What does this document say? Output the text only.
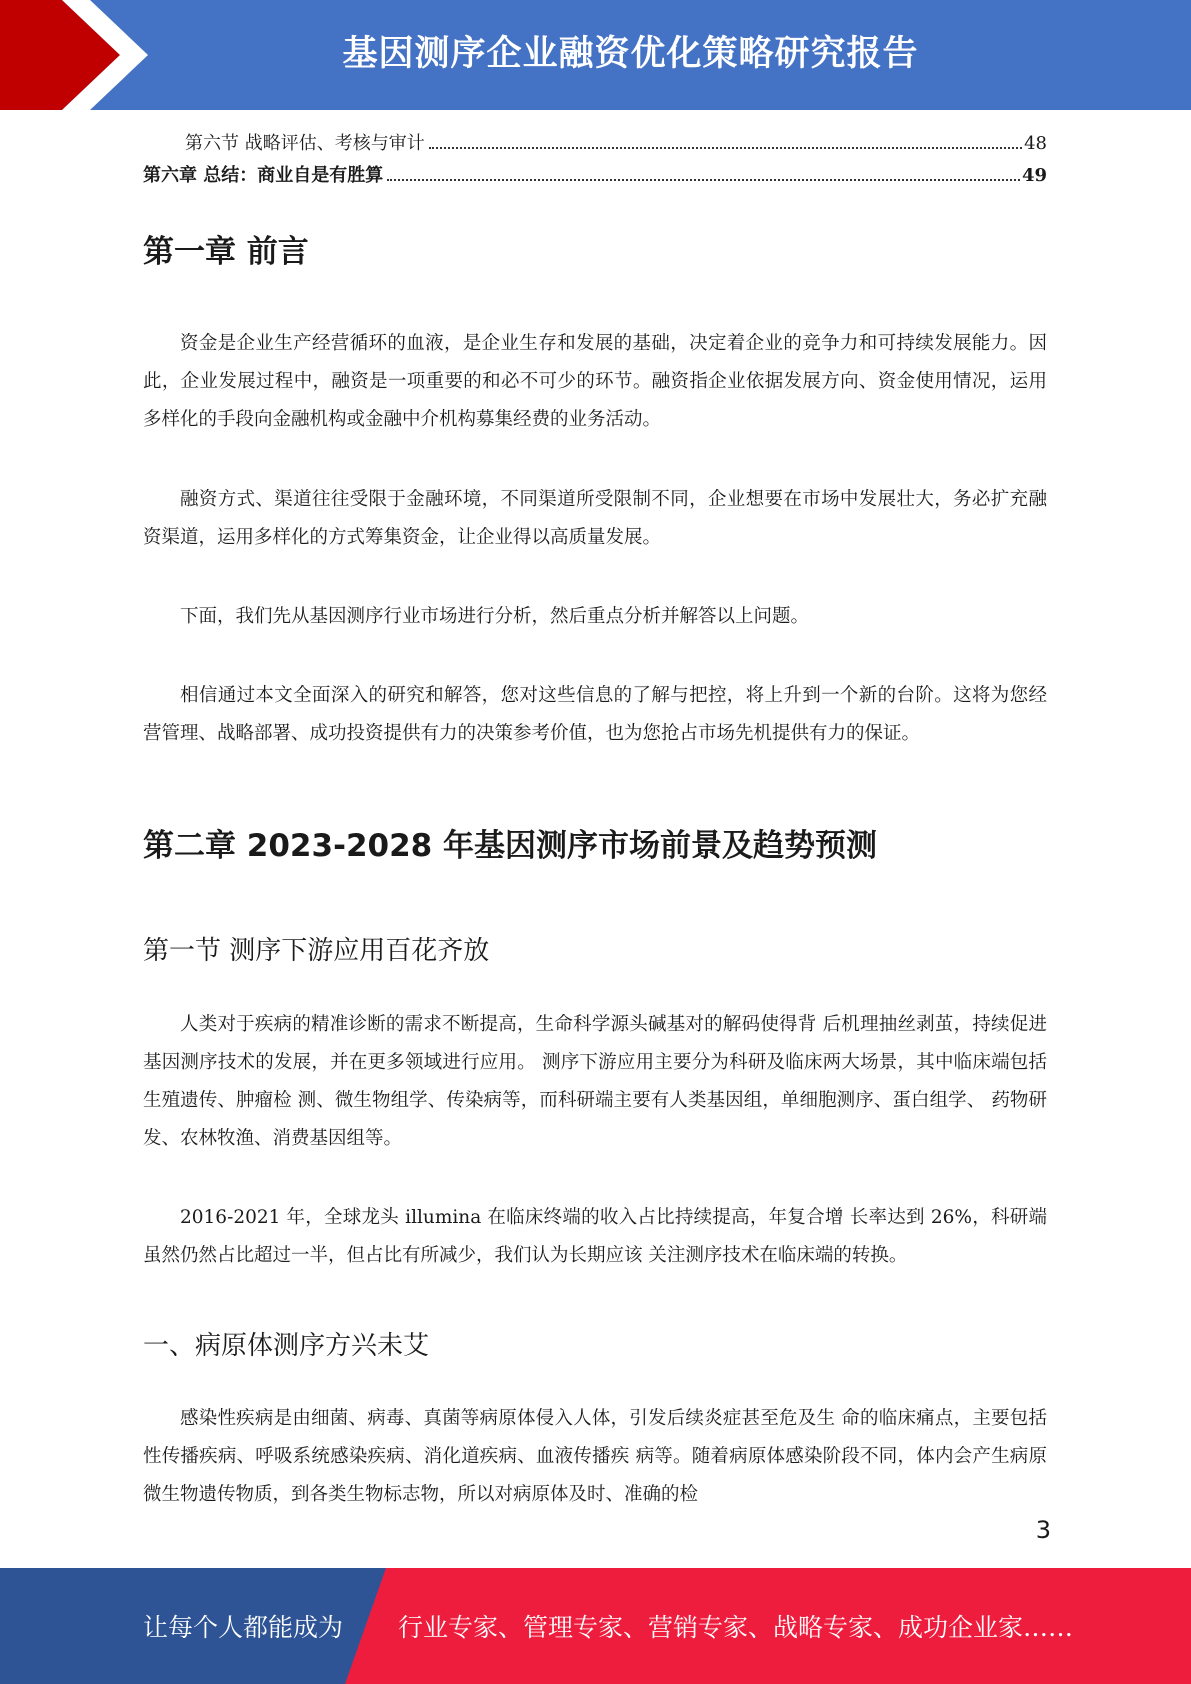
基因测序企业融资优化策略研究报告
第六节 战略评估、考核与审计	48
第六章 总结：商业自是有胜算	49
第一章 前言

资金是企业生产经营循环的血液，是企业生存和发展的基础，决定着企业的竞争力和可持续发展能力。因此，企业发展过程中，融资是一项重要的和必不可少的环节。融资指企业依据发展方向、资金使用情况，运用多样化的手段向金融机构或金融中介机构募集经费的业务活动。

融资方式、渠道往往受限于金融环境，不同渠道所受限制不同，企业想要在市场中发展壮大，务必扩充融资渠道，运用多样化的方式筹集资金，让企业得以高质量发展。

下面，我们先从基因测序行业市场进行分析，然后重点分析并解答以上问题。

相信通过本文全面深入的研究和解答，您对这些信息的了解与把控，将上升到一个新的台阶。这将为您经营管理、战略部署、成功投资提供有力的决策参考价值，也为您抢占市场先机提供有力的保证。

第二章 2023-2028 年基因测序市场前景及趋势预测
第一节 测序下游应用百花齐放

人类对于疾病的精准诊断的需求不断提高，生命科学源头碱基对的解码使得背 后机理抽丝剥茧，持续促进基因测序技术的发展，并在更多领域进行应用。 测序下游应用主要分为科研及临床两大场景，其中临床端包括生殖遗传、肿瘤检 测、微生物组学、传染病等，而科研端主要有人类基因组，单细胞测序、蛋白组学、 药物研发、农林牧渔、消费基因组等。

2016-2021 年，全球龙头 illumina 在临床终端的收入占比持续提高，年复合增 长率达到 26%，科研端虽然仍然占比超过一半，但占比有所减少，我们认为长期应该 关注测序技术在临床端的转换。

一、病原体测序方兴未艾

感染性疾病是由细菌、病毒、真菌等病原体侵入人体，引发后续炎症甚至危及生 命的临床痛点，主要包括性传播疾病、呼吸系统感染疾病、消化道疾病、血液传播疾 病等。随着病原体感染阶段不同，体内会产生病原微生物遗传物质，到各类生物标志物，所以对病原体及时、准确的检

3
让每个人都能成为 行业专家、管理专家、营销专家、战略专家、成功企业家……
